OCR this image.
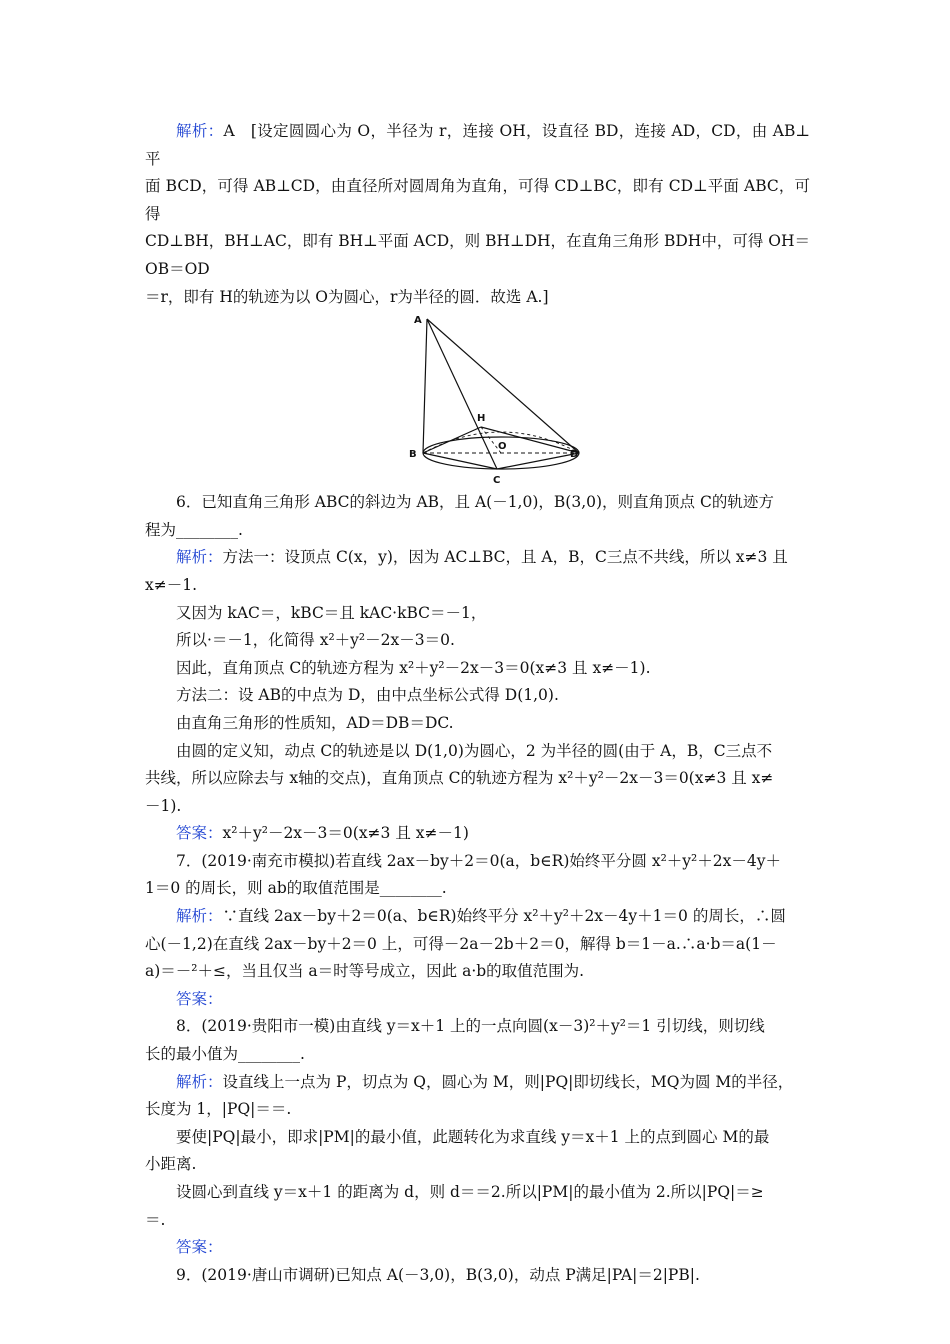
解析：A　[设定圆圆心为 O，半径为 r，连接 OH，设直径 BD，连接 AD，CD，由 AB⊥平

面 BCD，可得 AB⊥CD，由直径所对圆周角为直角，可得 CD⊥BC，即有 CD⊥平面 ABC，可得

CD⊥BH，BH⊥AC，即有 BH⊥平面 ACD，则 BH⊥DH，在直角三角形 BDH中，可得 OH＝OB＝OD

＝r，即有 H的轨迹为以 O为圆心，r为半径的圆．故选 A.]

A
H
O
B
C
D

6．已知直角三角形 ABC的斜边为 AB，且 A(－1,0)，B(3,0)，则直角顶点 C的轨迹方

程为________.

解析：方法一：设顶点 C(x，y)，因为 AC⊥BC，且 A，B，C三点不共线，所以 x≠3 且

x≠－1.

又因为 kAC＝，kBC＝且 kAC·kBC＝－1，

所以·＝－1，化简得 x²＋y²－2x－3＝0.

因此，直角顶点 C的轨迹方程为 x²＋y²－2x－3＝0(x≠3 且 x≠－1).

方法二：设 AB的中点为 D，由中点坐标公式得 D(1,0).

由直角三角形的性质知，AD＝DB＝DC.

由圆的定义知，动点 C的轨迹是以 D(1,0)为圆心，2 为半径的圆(由于 A，B，C三点不

共线，所以应除去与 x轴的交点)，直角顶点 C的轨迹方程为 x²＋y²－2x－3＝0(x≠3 且 x≠

－1).

答案：x²＋y²－2x－3＝0(x≠3 且 x≠－1)

7．(2019·南充市模拟)若直线 2ax－by＋2＝0(a，b∈R)始终平分圆 x²＋y²＋2x－4y＋

1＝0 的周长，则 ab的取值范围是________.

解析：∵直线 2ax－by＋2＝0(a、b∈R)始终平分 x²＋y²＋2x－4y＋1＝0 的周长，∴圆

心(－1,2)在直线 2ax－by＋2＝0 上，可得－2a－2b＋2＝0，解得 b＝1－a.∴a·b＝a(1－

a)＝－²＋≤，当且仅当 a＝时等号成立，因此 a·b的取值范围为.

答案：

8．(2019·贵阳市一模)由直线 y＝x＋1 上的一点向圆(x－3)²＋y²＝1 引切线，则切线

长的最小值为________.

解析：设直线上一点为 P，切点为 Q，圆心为 M，则|PQ|即切线长，MQ为圆 M的半径，

长度为 1，|PQ|＝＝.

要使|PQ|最小，即求|PM|的最小值，此题转化为求直线 y＝x＋1 上的点到圆心 M的最

小距离.

设圆心到直线 y＝x＋1 的距离为 d，则 d＝＝2.所以|PM|的最小值为 2.所以|PQ|＝≥

＝.

答案：

9．(2019·唐山市调研)已知点 A(－3,0)，B(3,0)，动点 P满足|PA|＝2|PB|.
